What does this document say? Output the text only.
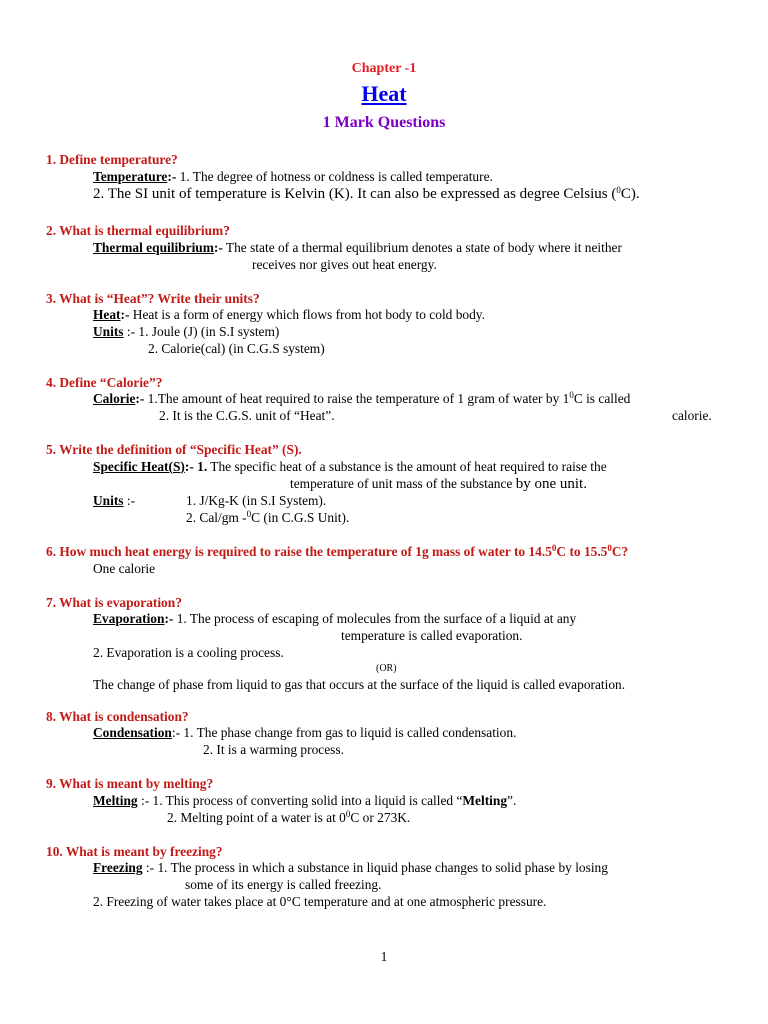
Chapter -1
Heat
1 Mark Questions
1. Define temperature?
Temperature:- 1. The degree of hotness or coldness is called temperature.
2. The SI unit of temperature is Kelvin (K). It can also be expressed as degree Celsius ($^0$C).
2. What is thermal equilibrium?
Thermal equilibrium:- The state of a thermal equilibrium denotes a state of body where it neither
receives nor gives out heat energy.
3. What is “Heat”? Write their units?
Heat:- Heat is a form of energy which flows from hot body to cold body.
Units :- 1. Joule (J) (in S.I system)
2. Calorie(cal) (in C.G.S system)
4. Define “Calorie”?
Calorie:- 1.The amount of heat required to raise the temperature of 1 gram of water by $1^0C$ is called
2. It is the C.G.S. unit of “Heat”.	calorie.
5. Write the definition of “Specific Heat” (S).
Specific Heat(S):- 1. The specific heat of a substance is the amount of heat required to raise the
temperature of unit mass of the substance by one unit.
Units :-	1. J/Kg-K (in S.I System).
2. Cal/gm -$^0$C (in C.G.S Unit).
6. How much heat energy is required to raise the temperature of 1g mass of water to 14.5$^0$C to 15.5$^0$C?
One calorie
7. What is evaporation?
Evaporation:- 1. The process of escaping of molecules from the surface of a liquid at any
temperature is called evaporation.
2. Evaporation is a cooling process.
(OR)
The change of phase from liquid to gas that occurs at the surface of the liquid is called evaporation.
8. What is condensation?
Condensation:- 1. The phase change from gas to liquid is called condensation.
2. It is a warming process.
9. What is meant by melting?
Melting :- 1. This process of converting solid into a liquid is called “Melting”.
2. Melting point of a water is at $0^0C$ or 273K.
10. What is meant by freezing?
Freezing :- 1. The process in which a substance in liquid phase changes to solid phase by losing
some of its energy is called freezing.
2. Freezing of water takes place at 0°C temperature and at one atmospheric pressure.
1
